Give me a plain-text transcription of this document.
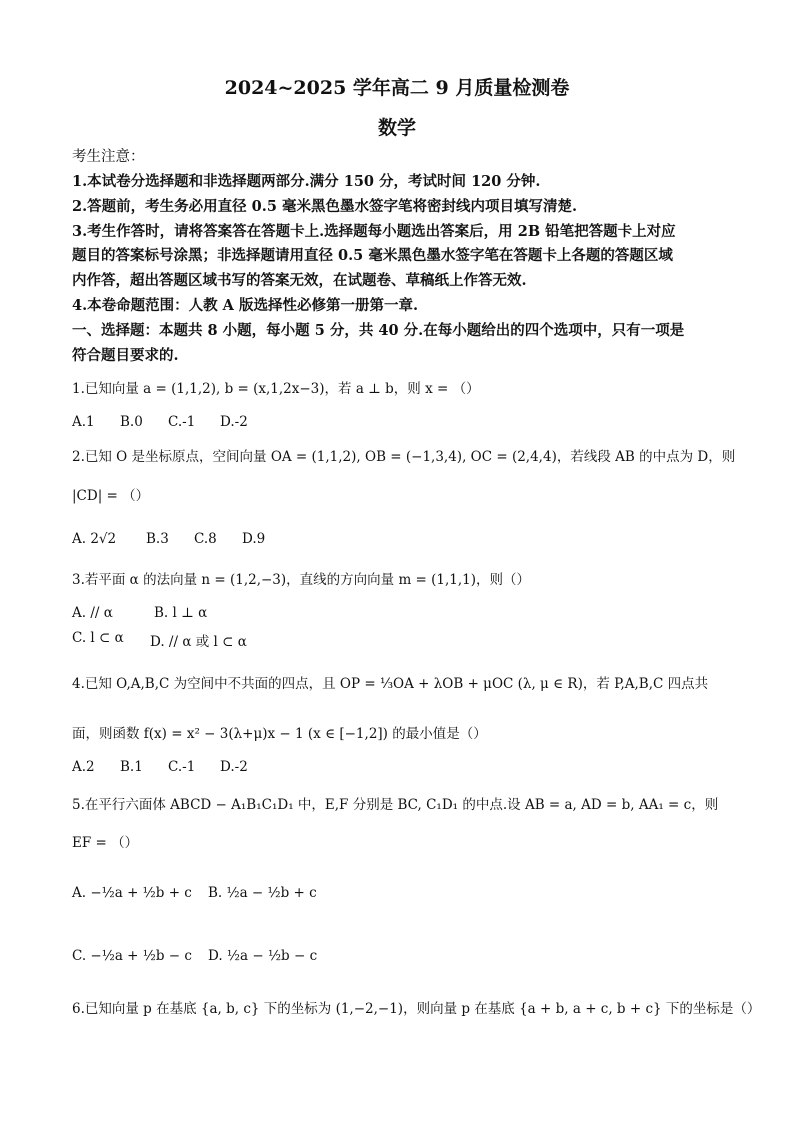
2024~2025 学年高二 9 月质量检测卷
数学
考生注意：
1.本试卷分选择题和非选择题两部分.满分 150 分，考试时间 120 分钟.
2.答题前，考生务必用直径 0.5 毫米黑色墨水签字笔将密封线内项目填写清楚.
3.考生作答时，请将答案答在答题卡上.选择题每小题选出答案后，用 2B 铅笔把答题卡上对应
题目的答案标号涂黑；非选择题请用直径 0.5 毫米黑色墨水签字笔在答题卡上各题的答题区域
内作答，超出答题区域书写的答案无效，在试题卷、草稿纸上作答无效.
4.本卷命题范围：人教 A 版选择性必修第一册第一章.
一、选择题：本题共 8 小题，每小题 5 分，共 40 分.在每小题给出的四个选项中，只有一项是
符合题目要求的.
1.已知向量 a = (1,1,2), b = (x,1,2x−3)，若 a ⊥ b，则 x = （）
A.1 B.0 C.-1 D.-2
2.已知 O 是坐标原点，空间向量 OA = (1,1,2), OB = (−1,3,4), OC = (2,4,4)，若线段 AB 的中点为 D，则
|CD| = （）
A. 2√2 B.3 C.8 D.9
3.若平面 α 的法向量 n = (1,2,−3)，直线的方向向量 m = (1,1,1)，则（）
A. // α	B. l ⊥ α
C. l ⊂ α D. // α 或 l ⊂ α
4.已知 O,A,B,C 为空间中不共面的四点，且 OP = ⅓OA + λOB + μOC (λ, μ ∈ R)，若 P,A,B,C 四点共
面，则函数 f(x) = x² − 3(λ+μ)x − 1 (x ∈ [−1,2]) 的最小值是（）
A.2 B.1 C.-1 D.-2
5.在平行六面体 ABCD − A₁B₁C₁D₁ 中，E,F 分别是 BC, C₁D₁ 的中点.设 AB = a, AD = b, AA₁ = c，则
EF = （）
A. −½a + ½b + c B. ½a − ½b + c
C. −½a + ½b − c D. ½a − ½b − c
6.已知向量 p 在基底 {a, b, c} 下的坐标为 (1,−2,−1)，则向量 p 在基底 {a + b, a + c, b + c} 下的坐标是（）
